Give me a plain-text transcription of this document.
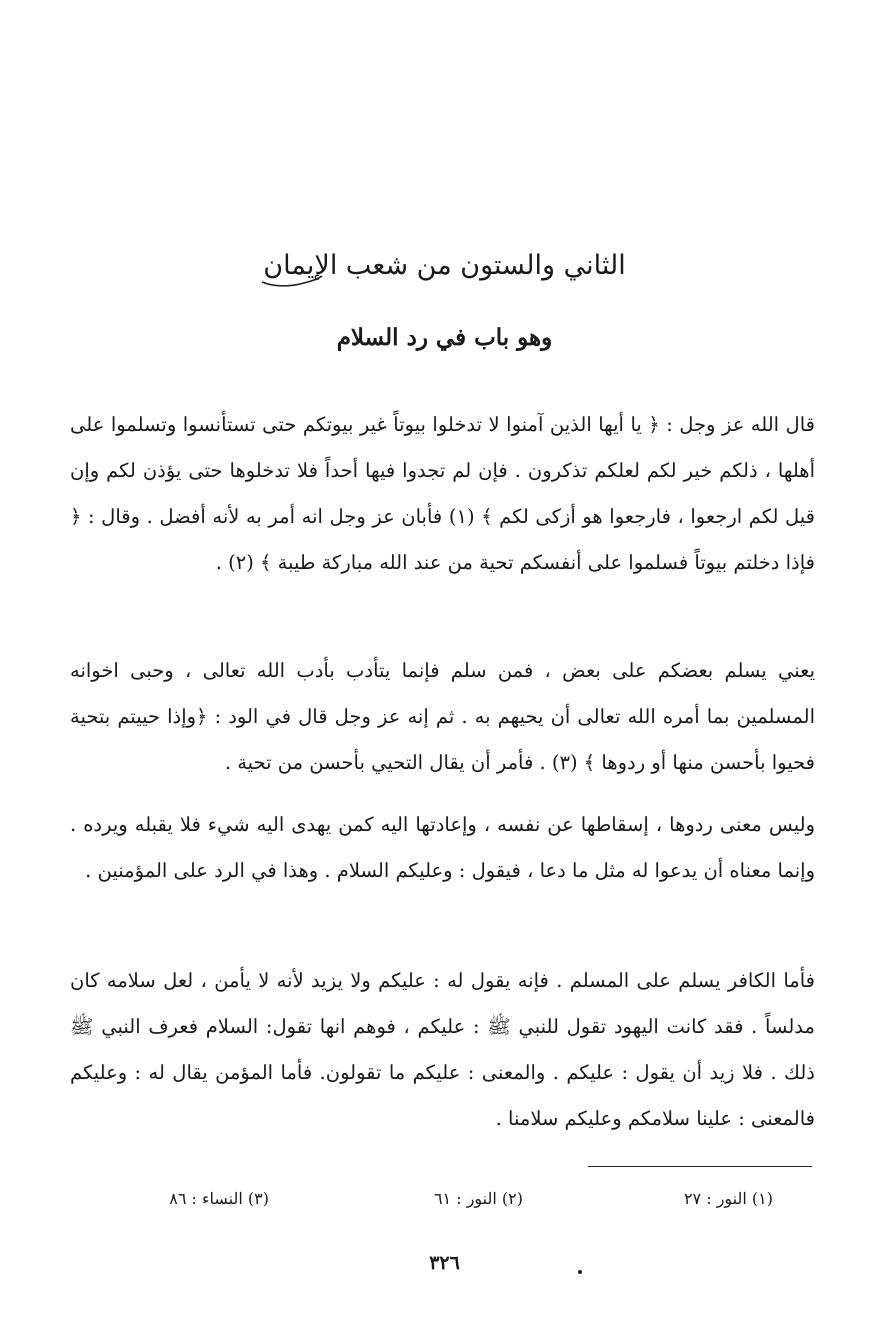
الثاني والستون من شعب الإيمان
وهو باب في رد السلام

قال الله عز وجل : ﴿ يا أيها الذين آمنوا لا تدخلوا بيوتاً غير بيوتكم حتى تستأنسوا وتسلموا على أهلها ، ذلكم خير لكم لعلكم تذكرون . فإن لم تجدوا فيها أحداً فلا تدخلوها حتى يؤذن لكم وإن قيل لكم ارجعوا ، فارجعوا هو أزكى لكم ﴾ (١) فأبان عز وجل انه أمر به لأنه أفضل . وقال : ﴿ فإذا دخلتم بيوتاً فسلموا على أنفسكم تحية من عند الله مباركة طيبة ﴾ (٢) .

يعني يسلم بعضكم على بعض ، فمن سلم فإنما يتأدب بأدب الله تعالى ، وحبى اخوانه المسلمين بما أمره الله تعالى أن يحيهم به . ثم إنه عز وجل قال في الود : ﴿وإذا حييتم بتحية فحيوا بأحسن منها أو ردوها ﴾ (٣) . فأمر أن يقال التحيي بأحسن من تحية .

وليس معنى ردوها ، إسقاطها عن نفسه ، وإعادتها اليه كمن يهدى اليه شيء فلا يقبله ويرده . وإنما معناه أن يدعوا له مثل ما دعا ، فيقول : وعليكم السلام . وهذا في الرد على المؤمنين .

فأما الكافر يسلم على المسلم . فإنه يقول له : عليكم ولا يزيد لأنه لا يأمن ، لعل سلامه كان مدلساً . فقد كانت اليهود تقول للنبي ﷺ : عليكم ، فوهم انها تقول: السلام فعرف النبي ﷺ ذلك . فلا زيد أن يقول : عليكم . والمعنى : عليكم ما تقولون. فأما المؤمن يقال له : وعليكم فالمعنى : علينا سلامكم وعليكم سلامنا .

(١) النور : ٢٧
(٢) النور : ٦١
(٣) النساء : ٨٦
٣٢٦
